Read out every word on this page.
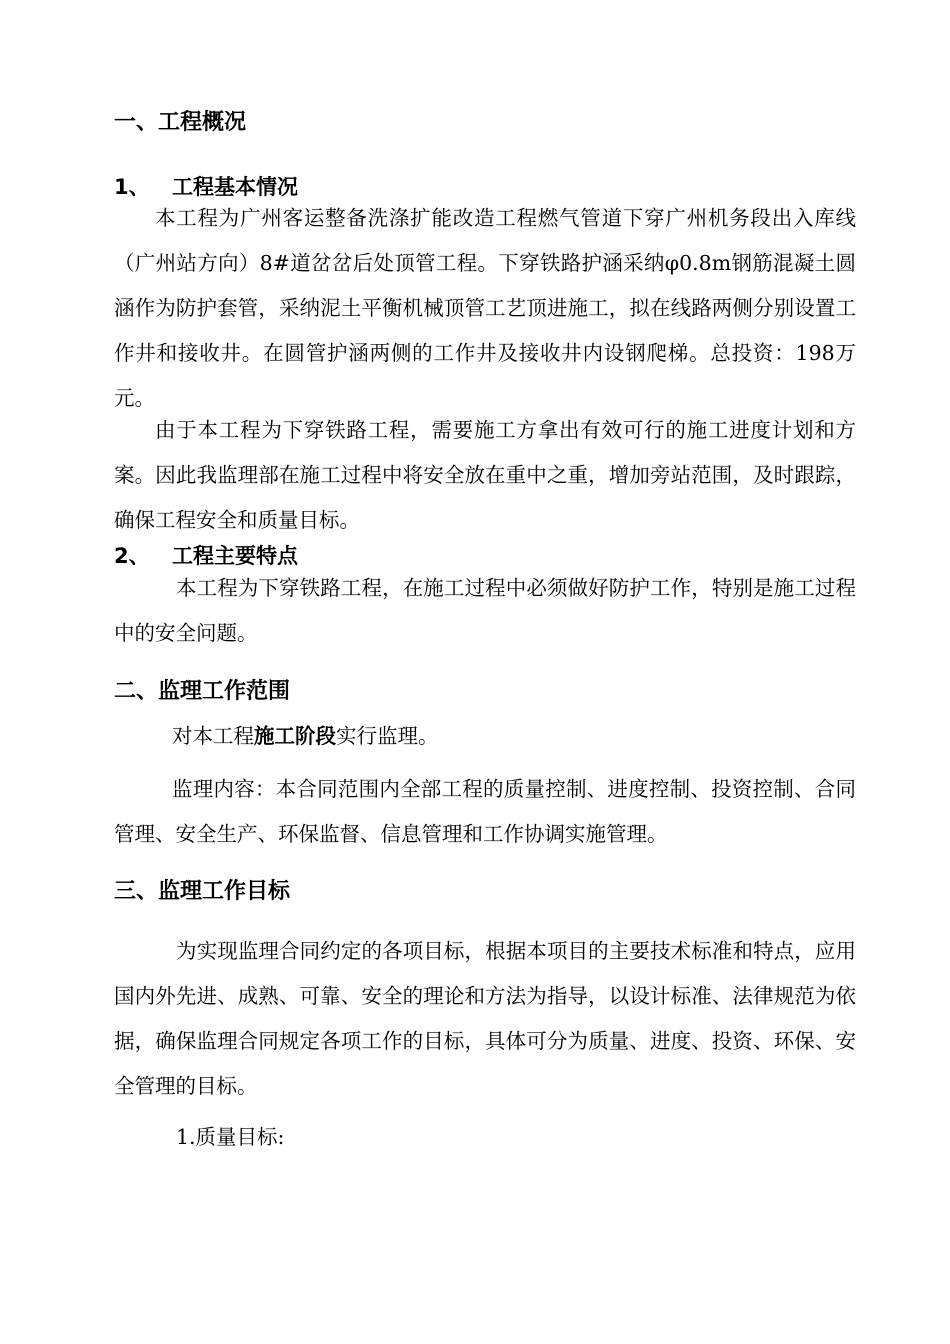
一、工程概况
1、 工程基本情况

本工程为广州客运整备洗涤扩能改造工程燃气管道下穿广州机务段出入库线（广州站方向）8#道岔岔后处顶管工程。下穿铁路护涵采纳φ0.8m钢筋混凝土圆涵作为防护套管，采纳泥土平衡机械顶管工艺顶进施工，拟在线路两侧分别设置工作井和接收井。在圆管护涵两侧的工作井及接收井内设钢爬梯。总投资：198万元。

由于本工程为下穿铁路工程，需要施工方拿出有效可行的施工进度计划和方案。因此我监理部在施工过程中将安全放在重中之重，增加旁站范围，及时跟踪，确保工程安全和质量目标。

2、 工程主要特点

本工程为下穿铁路工程，在施工过程中必须做好防护工作，特别是施工过程中的安全问题。

二、监理工作范围

对本工程施工阶段实行监理。

监理内容：本合同范围内全部工程的质量控制、进度控制、投资控制、合同管理、安全生产、环保监督、信息管理和工作协调实施管理。

三、监理工作目标

为实现监理合同约定的各项目标，根据本项目的主要技术标准和特点，应用国内外先进、成熟、可靠、安全的理论和方法为指导，以设计标准、法律规范为依据，确保监理合同规定各项工作的目标，具体可分为质量、进度、投资、环保、安全管理的目标。

1.质量目标:
